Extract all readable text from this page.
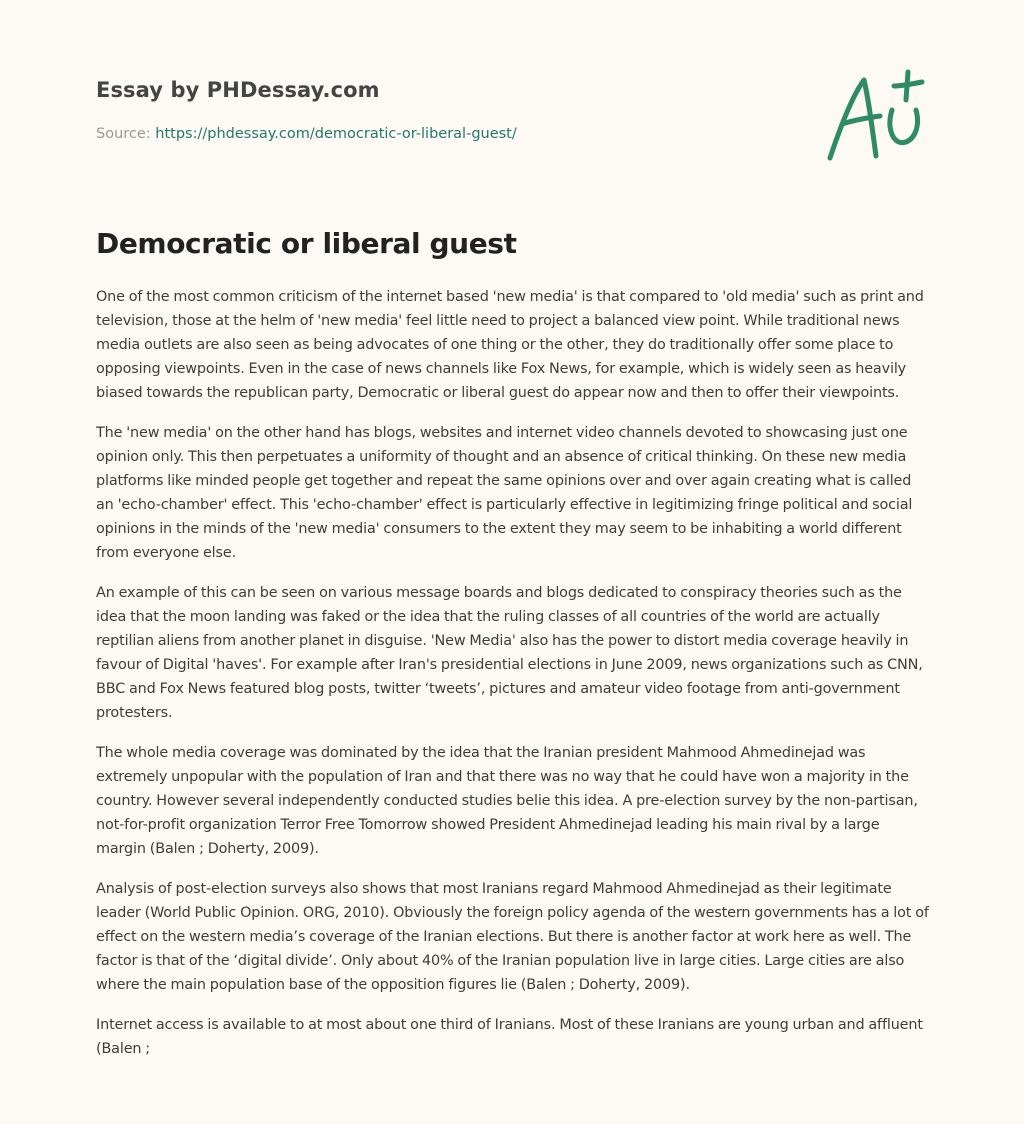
Essay by PHDessay.com
Source: https://phdessay.com/democratic-or-liberal-guest/
Democratic or liberal guest

One of the most common criticism of the internet based 'new media' is that compared to 'old media' such as print and television, those at the helm of 'new media' feel little need to project a balanced view point. While traditional news media outlets are also seen as being advocates of one thing or the other, they do traditionally offer some place to opposing viewpoints. Even in the case of news channels like Fox News, for example, which is widely seen as heavily biased towards the republican party, Democratic or liberal guest do appear now and then to offer their viewpoints.

The 'new media' on the other hand has blogs, websites and internet video channels devoted to showcasing just one opinion only. This then perpetuates a uniformity of thought and an absence of critical thinking. On these new media platforms like minded people get together and repeat the same opinions over and over again creating what is called an 'echo-chamber' effect. This 'echo-chamber' effect is particularly effective in legitimizing fringe political and social opinions in the minds of the 'new media' consumers to the extent they may seem to be inhabiting a world different from everyone else.

An example of this can be seen on various message boards and blogs dedicated to conspiracy theories such as the idea that the moon landing was faked or the idea that the ruling classes of all countries of the world are actually reptilian aliens from another planet in disguise. 'New Media' also has the power to distort media coverage heavily in favour of Digital 'haves'. For example after Iran's presidential elections in June 2009, news organizations such as CNN, BBC and Fox News featured blog posts, twitter ‘tweets’, pictures and amateur video footage from anti-government protesters.

The whole media coverage was dominated by the idea that the Iranian president Mahmood Ahmedinejad was extremely unpopular with the population of Iran and that there was no way that he could have won a majority in the country. However several independently conducted studies belie this idea. A pre-election survey by the non-partisan, not-for-profit organization Terror Free Tomorrow showed President Ahmedinejad leading his main rival by a large margin (Balen ; Doherty, 2009).

Analysis of post-election surveys also shows that most Iranians regard Mahmood Ahmedinejad as their legitimate leader (World Public Opinion. ORG, 2010). Obviously the foreign policy agenda of the western governments has a lot of effect on the western media’s coverage of the Iranian elections. But there is another factor at work here as well. The factor is that of the ‘digital divide’. Only about 40% of the Iranian population live in large cities. Large cities are also where the main population base of the opposition figures lie (Balen ; Doherty, 2009).

Internet access is available to at most about one third of Iranians. Most of these Iranians are young urban and affluent (Balen ;
